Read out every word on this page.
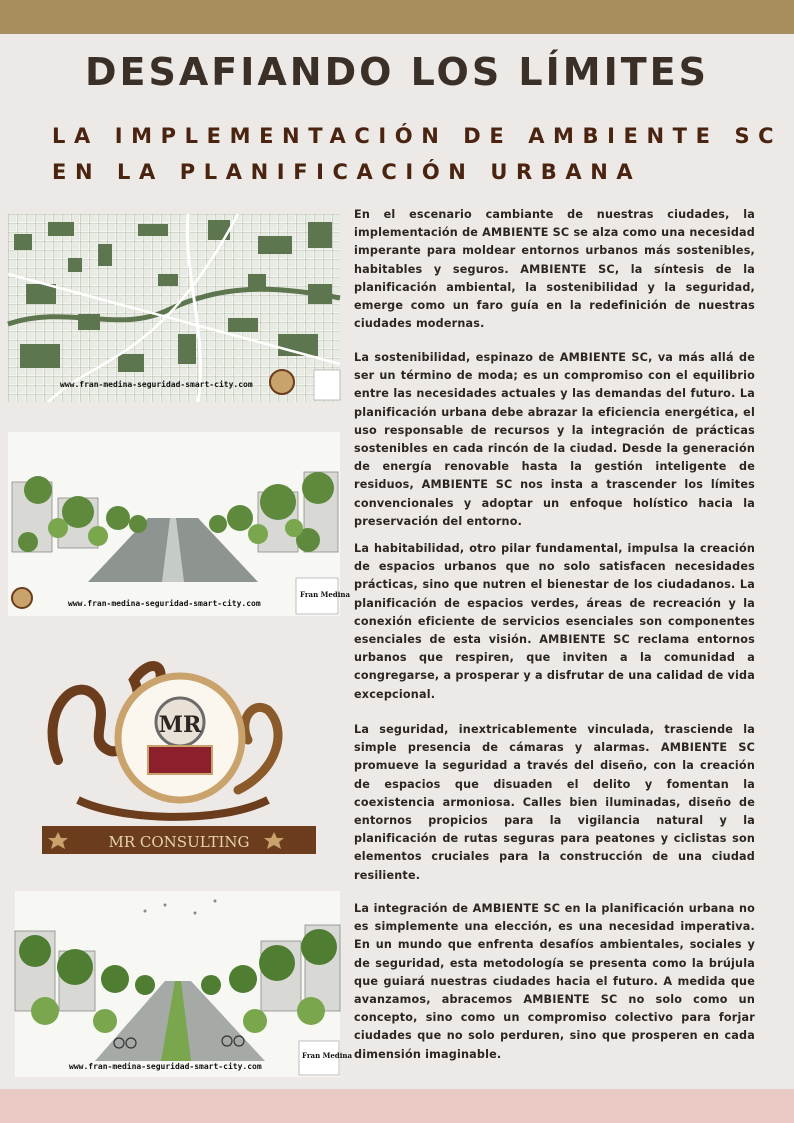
DESAFIANDO LOS LÍMITES
LA IMPLEMENTACIÓN DE AMBIENTE SC
EN LA PLANIFICACIÓN URBANA
www.fran-medina-seguridad-smart-city.com
www.fran-medina-seguridad-smart-city.com
Fran Medina
MR
MR CONSULTING
www.fran-medina-seguridad-smart-city.com
Fran Medina

En el escenario cambiante de nuestras ciudades, la implementación de AMBIENTE SC se alza como una necesidad imperante para moldear entornos urbanos más sostenibles, habitables y seguros. AMBIENTE SC, la síntesis de la planificación ambiental, la sostenibilidad y la seguridad, emerge como un faro guía en la redefinición de nuestras ciudades modernas.

La sostenibilidad, espinazo de AMBIENTE SC, va más allá de ser un término de moda; es un compromiso con el equilibrio entre las necesidades actuales y las demandas del futuro. La planificación urbana debe abrazar la eficiencia energética, el uso responsable de recursos y la integración de prácticas sostenibles en cada rincón de la ciudad. Desde la generación de energía renovable hasta la gestión inteligente de residuos, AMBIENTE SC nos insta a trascender los límites convencionales y adoptar un enfoque holístico hacia la preservación del entorno.

La habitabilidad, otro pilar fundamental, impulsa la creación de espacios urbanos que no solo satisfacen necesidades prácticas, sino que nutren el bienestar de los ciudadanos. La planificación de espacios verdes, áreas de recreación y la conexión eficiente de servicios esenciales son componentes esenciales de esta visión. AMBIENTE SC reclama entornos urbanos que respiren, que inviten a la comunidad a congregarse, a prosperar y a disfrutar de una calidad de vida excepcional.

La seguridad, inextricablemente vinculada, trasciende la simple presencia de cámaras y alarmas. AMBIENTE SC promueve la seguridad a través del diseño, con la creación de espacios que disuaden el delito y fomentan la coexistencia armoniosa. Calles bien iluminadas, diseño de entornos propicios para la vigilancia natural y la planificación de rutas seguras para peatones y ciclistas son elementos cruciales para la construcción de una ciudad resiliente.

La integración de AMBIENTE SC en la planificación urbana no es simplemente una elección, es una necesidad imperativa. En un mundo que enfrenta desafíos ambientales, sociales y de seguridad, esta metodología se presenta como la brújula que guiará nuestras ciudades hacia el futuro. A medida que avanzamos, abracemos AMBIENTE SC no solo como un concepto, sino como un compromiso colectivo para forjar ciudades que no solo perduren, sino que prosperen en cada dimensión imaginable.
